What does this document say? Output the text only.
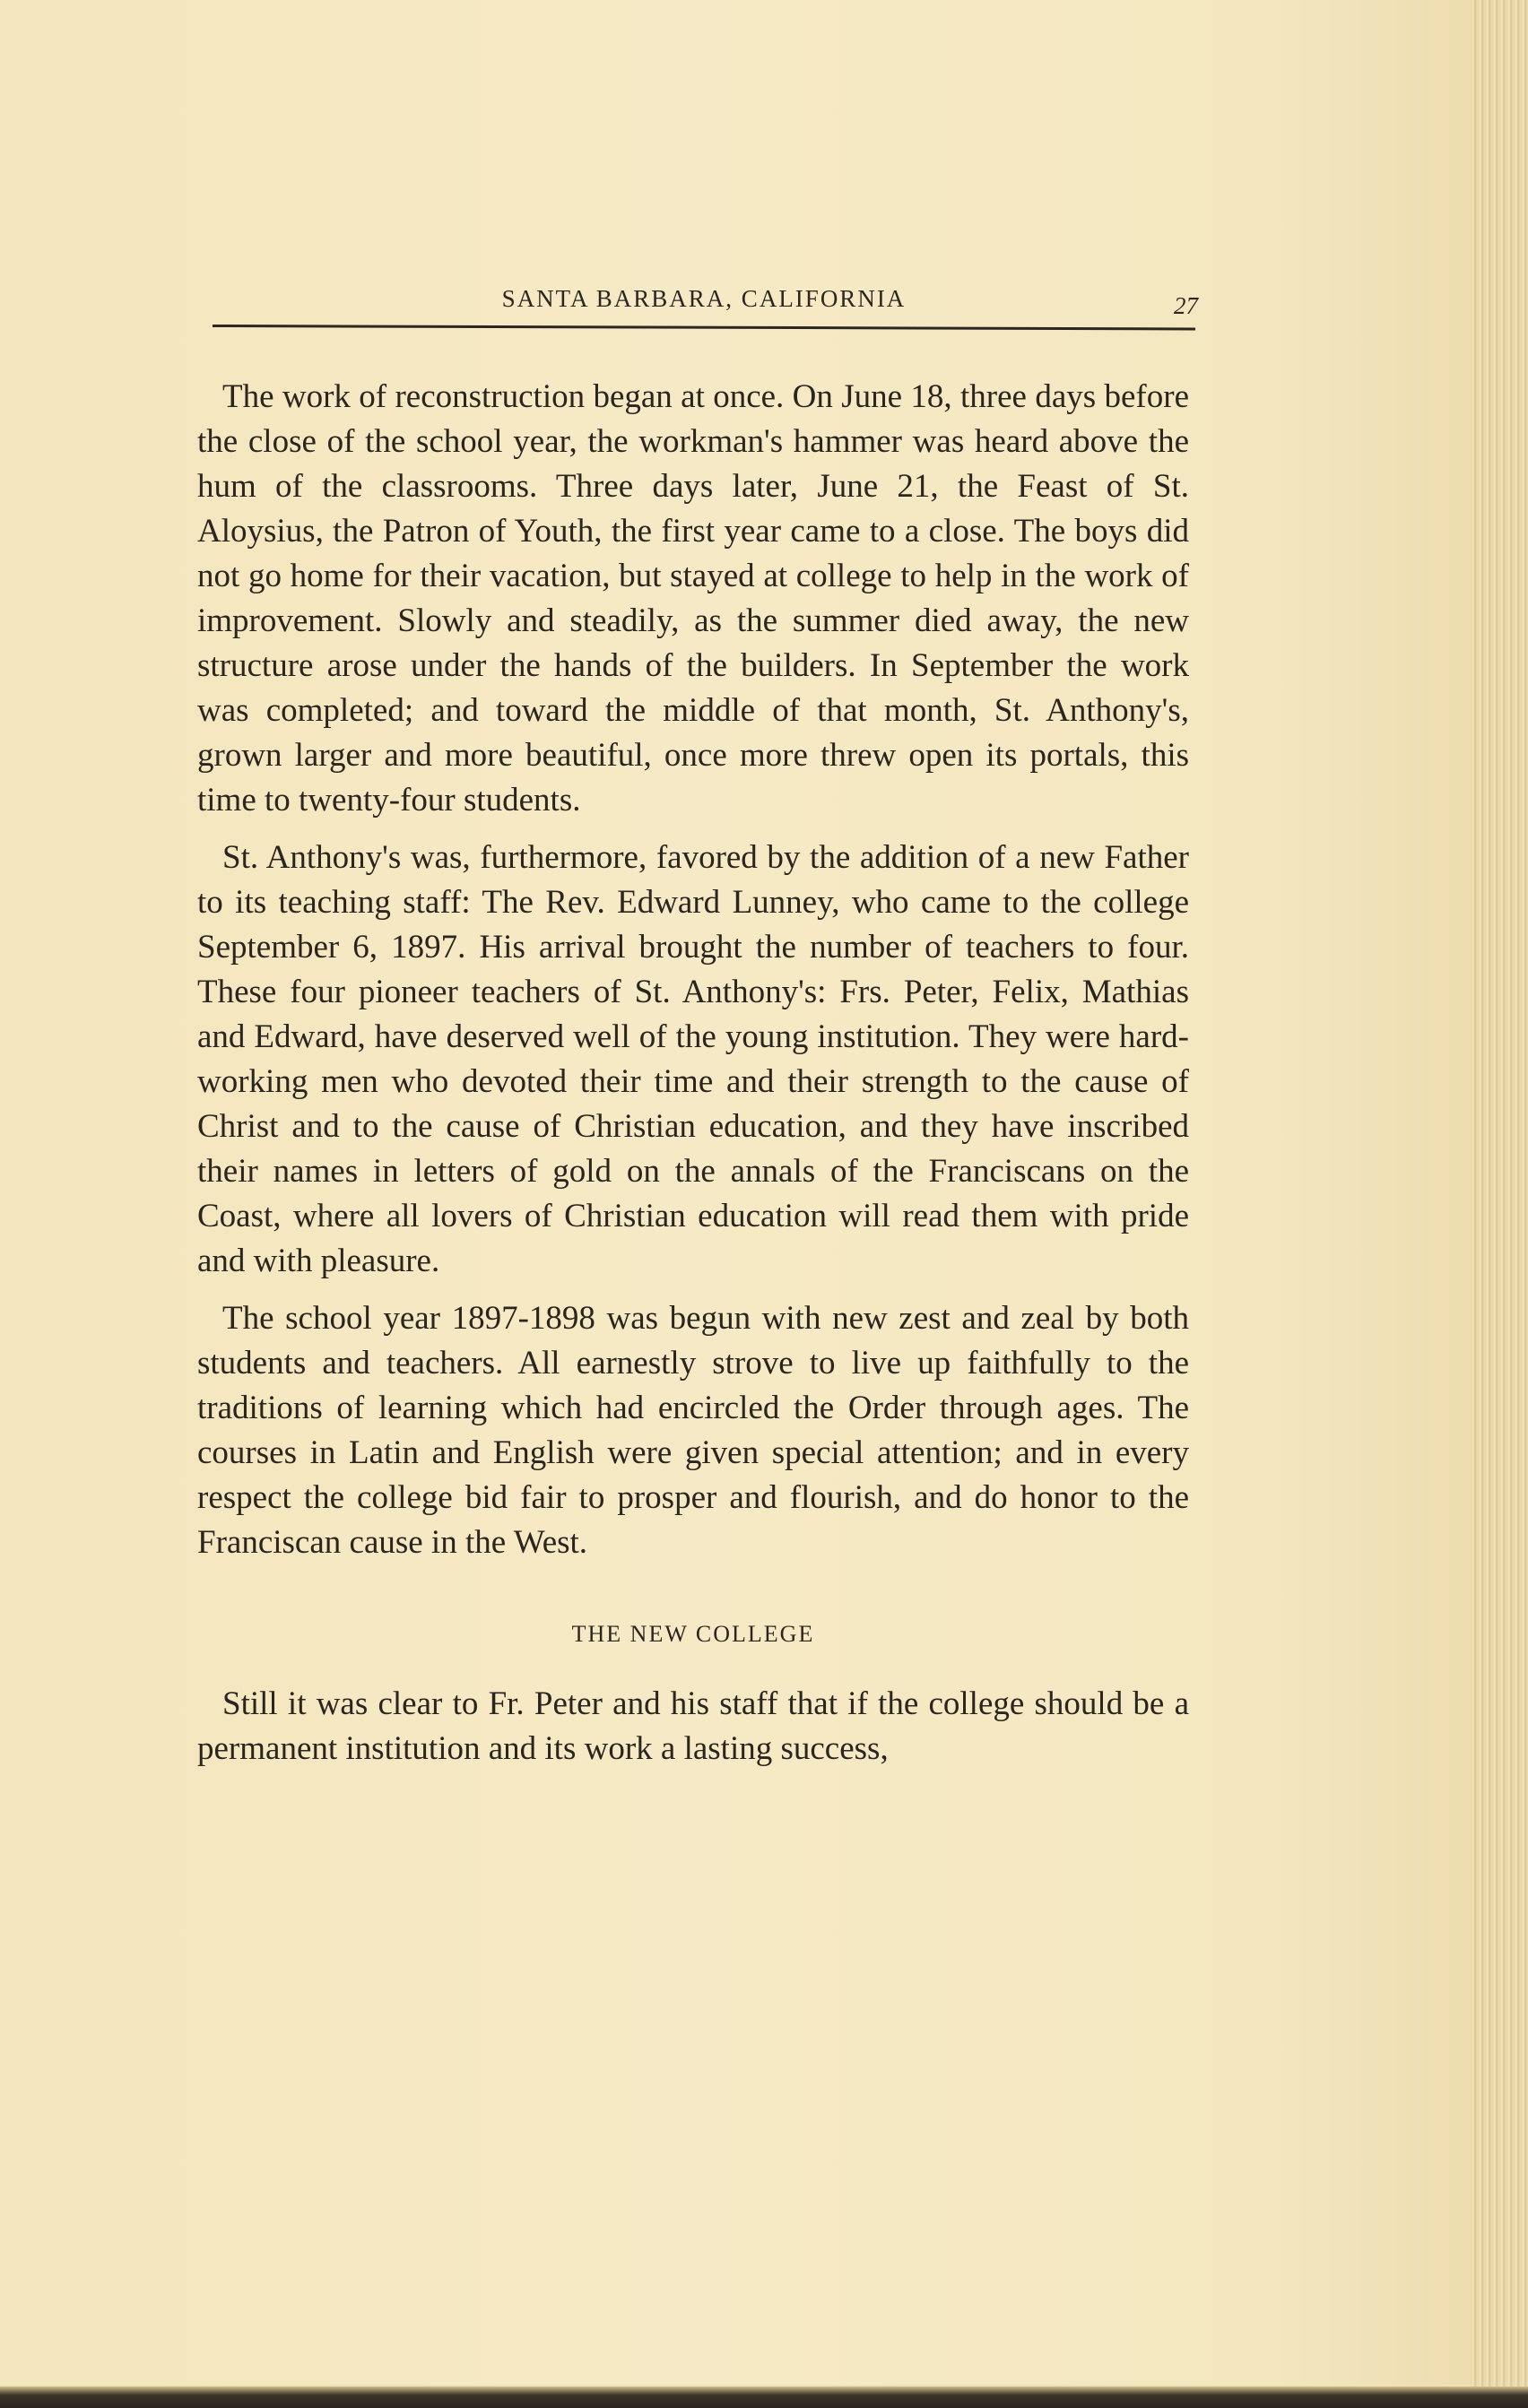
SANTA BARBARA, CALIFORNIA	27

The work of reconstruction began at once. On June 18, three days before the close of the school year, the workman's hammer was heard above the hum of the classrooms. Three days later, June 21, the Feast of St. Aloysius, the Patron of Youth, the first year came to a close. The boys did not go home for their vacation, but stayed at college to help in the work of improvement. Slowly and steadily, as the summer died away, the new structure arose under the hands of the builders. In September the work was completed; and toward the middle of that month, St. Anthony's, grown larger and more beautiful, once more threw open its portals, this time to twenty-four students.

St. Anthony's was, furthermore, favored by the addition of a new Father to its teaching staff: The Rev. Edward Lunney, who came to the college September 6, 1897. His arrival brought the number of teachers to four. These four pioneer teachers of St. Anthony's: Frs. Peter, Felix, Mathias and Edward, have deserved well of the young institution. They were hard-working men who devoted their time and their strength to the cause of Christ and to the cause of Christian education, and they have inscribed their names in letters of gold on the annals of the Franciscans on the Coast, where all lovers of Christian education will read them with pride and with pleasure.

The school year 1897-1898 was begun with new zest and zeal by both students and teachers. All earnestly strove to live up faithfully to the traditions of learning which had encircled the Order through ages. The courses in Latin and English were given special attention; and in every respect the college bid fair to prosper and flourish, and do honor to the Franciscan cause in the West.

THE NEW COLLEGE

Still it was clear to Fr. Peter and his staff that if the college should be a permanent institution and its work a lasting success,
